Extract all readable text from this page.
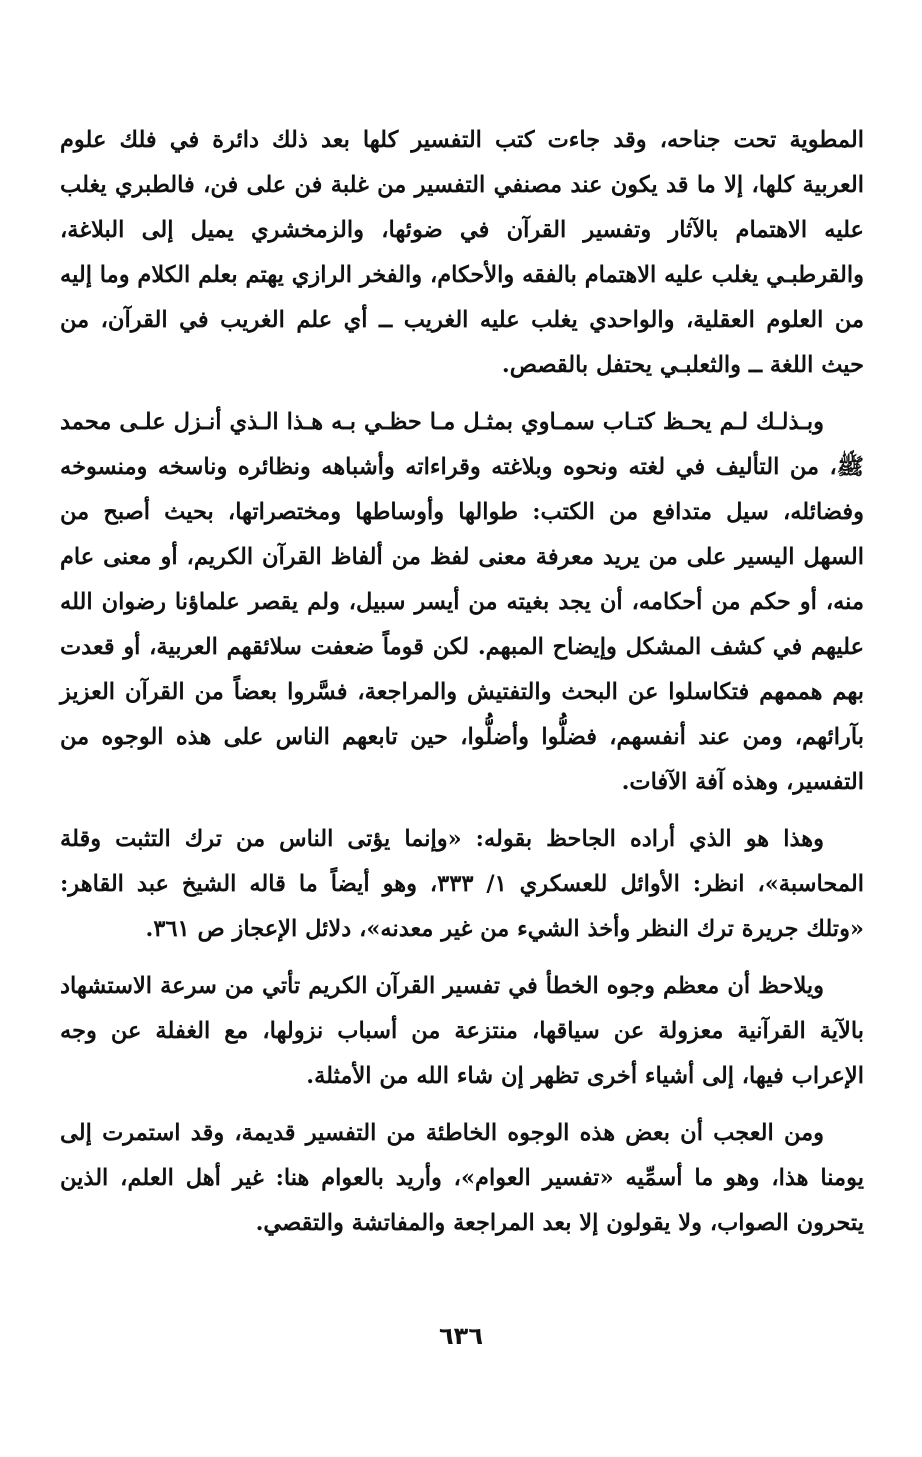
المطوية تحت جناحه، وقد جاءت كتب التفسير كلها بعد ذلك دائرة في فلك علوم العربية كلها، إلا ما قد يكون عند مصنفي التفسير من غلبة فن على فن، فالطبري يغلب عليه الاهتمام بالآثار وتفسير القرآن في ضوئها، والزمخشري يميل إلى البلاغة، والقرطبـي يغلب عليه الاهتمام بالفقه والأحكام، والفخر الرازي يهتم بعلم الكلام وما إليه من العلوم العقلية، والواحدي يغلب عليه الغريب ــ أي علم الغريب في القرآن، من حيث اللغة ــ والثعلبـي يحتفل بالقصص.

وبـذلـك لـم يحـظ كتـاب سمـاوي بمثـل مـا حظـي بـه هـذا الـذي أنـزل علـى محمد ﷺ، من التأليف في لغته ونحوه وبلاغته وقراءاته وأشباهه ونظائره وناسخه ومنسوخه وفضائله، سيل متدافع من الكتب: طوالها وأوساطها ومختصراتها، بحيث أصبح من السهل اليسير على من يريد معرفة معنى لفظ من ألفاظ القرآن الكريم، أو معنى عام منه، أو حكم من أحكامه، أن يجد بغيته من أيسر سبيل، ولم يقصر علماؤنا رضوان الله عليهم في كشف المشكل وإيضاح المبهم. لكن قوماً ضعفت سلائقهم العربية، أو قعدت بهم هممهم فتكاسلوا عن البحث والتفتيش والمراجعة، فسَّروا بعضاً من القرآن العزيز بآرائهم، ومن عند أنفسهم، فضلُّوا وأضلُّوا، حين تابعهم الناس على هذه الوجوه من التفسير، وهذه آفة الآفات.

وهذا هو الذي أراده الجاحظ بقوله: «وإنما يؤتى الناس من ترك التثبت وقلة المحاسبة»، انظر: الأوائل للعسكري ١/ ٣٣٣، وهو أيضاً ما قاله الشيخ عبد القاهر: «وتلك جريرة ترك النظر وأخذ الشيء من غير معدنه»، دلائل الإعجاز ص ٣٦١.

ويلاحظ أن معظم وجوه الخطأ في تفسير القرآن الكريم تأتي من سرعة الاستشهاد بالآية القرآنية معزولة عن سياقها، منتزعة من أسباب نزولها، مع الغفلة عن وجه الإعراب فيها، إلى أشياء أخرى تظهر إن شاء الله من الأمثلة.

ومن العجب أن بعض هذه الوجوه الخاطئة من التفسير قديمة، وقد استمرت إلى يومنا هذا، وهو ما أسمِّيه «تفسير العوام»، وأريد بالعوام هنا: غير أهل العلم، الذين يتحرون الصواب، ولا يقولون إلا بعد المراجعة والمفاتشة والتقصي.

٦٣٦
